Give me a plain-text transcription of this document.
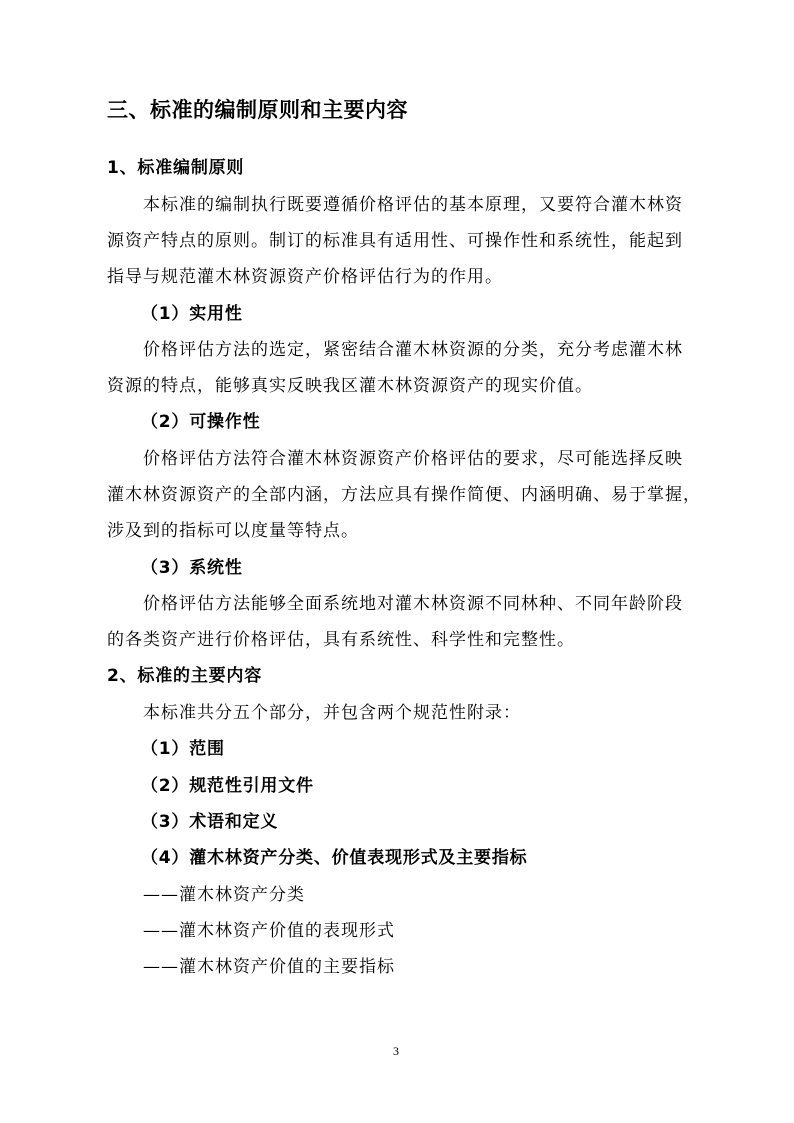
三、标准的编制原则和主要内容
1、标准编制原则
本标准的编制执行既要遵循价格评估的基本原理，又要符合灌木林资
源资产特点的原则。制订的标准具有适用性、可操作性和系统性，能起到
指导与规范灌木林资源资产价格评估行为的作用。
（1）实用性
价格评估方法的选定，紧密结合灌木林资源的分类，充分考虑灌木林
资源的特点，能够真实反映我区灌木林资源资产的现实价值。
（2）可操作性
价格评估方法符合灌木林资源资产价格评估的要求，尽可能选择反映
灌木林资源资产的全部内涵，方法应具有操作简便、内涵明确、易于掌握，
涉及到的指标可以度量等特点。
（3）系统性
价格评估方法能够全面系统地对灌木林资源不同林种、不同年龄阶段
的各类资产进行价格评估，具有系统性、科学性和完整性。
2、标准的主要内容
本标准共分五个部分，并包含两个规范性附录：
（1）范围
（2）规范性引用文件
（3）术语和定义
（4）灌木林资产分类、价值表现形式及主要指标
——灌木林资产分类
——灌木林资产价值的表现形式
——灌木林资产价值的主要指标
3
